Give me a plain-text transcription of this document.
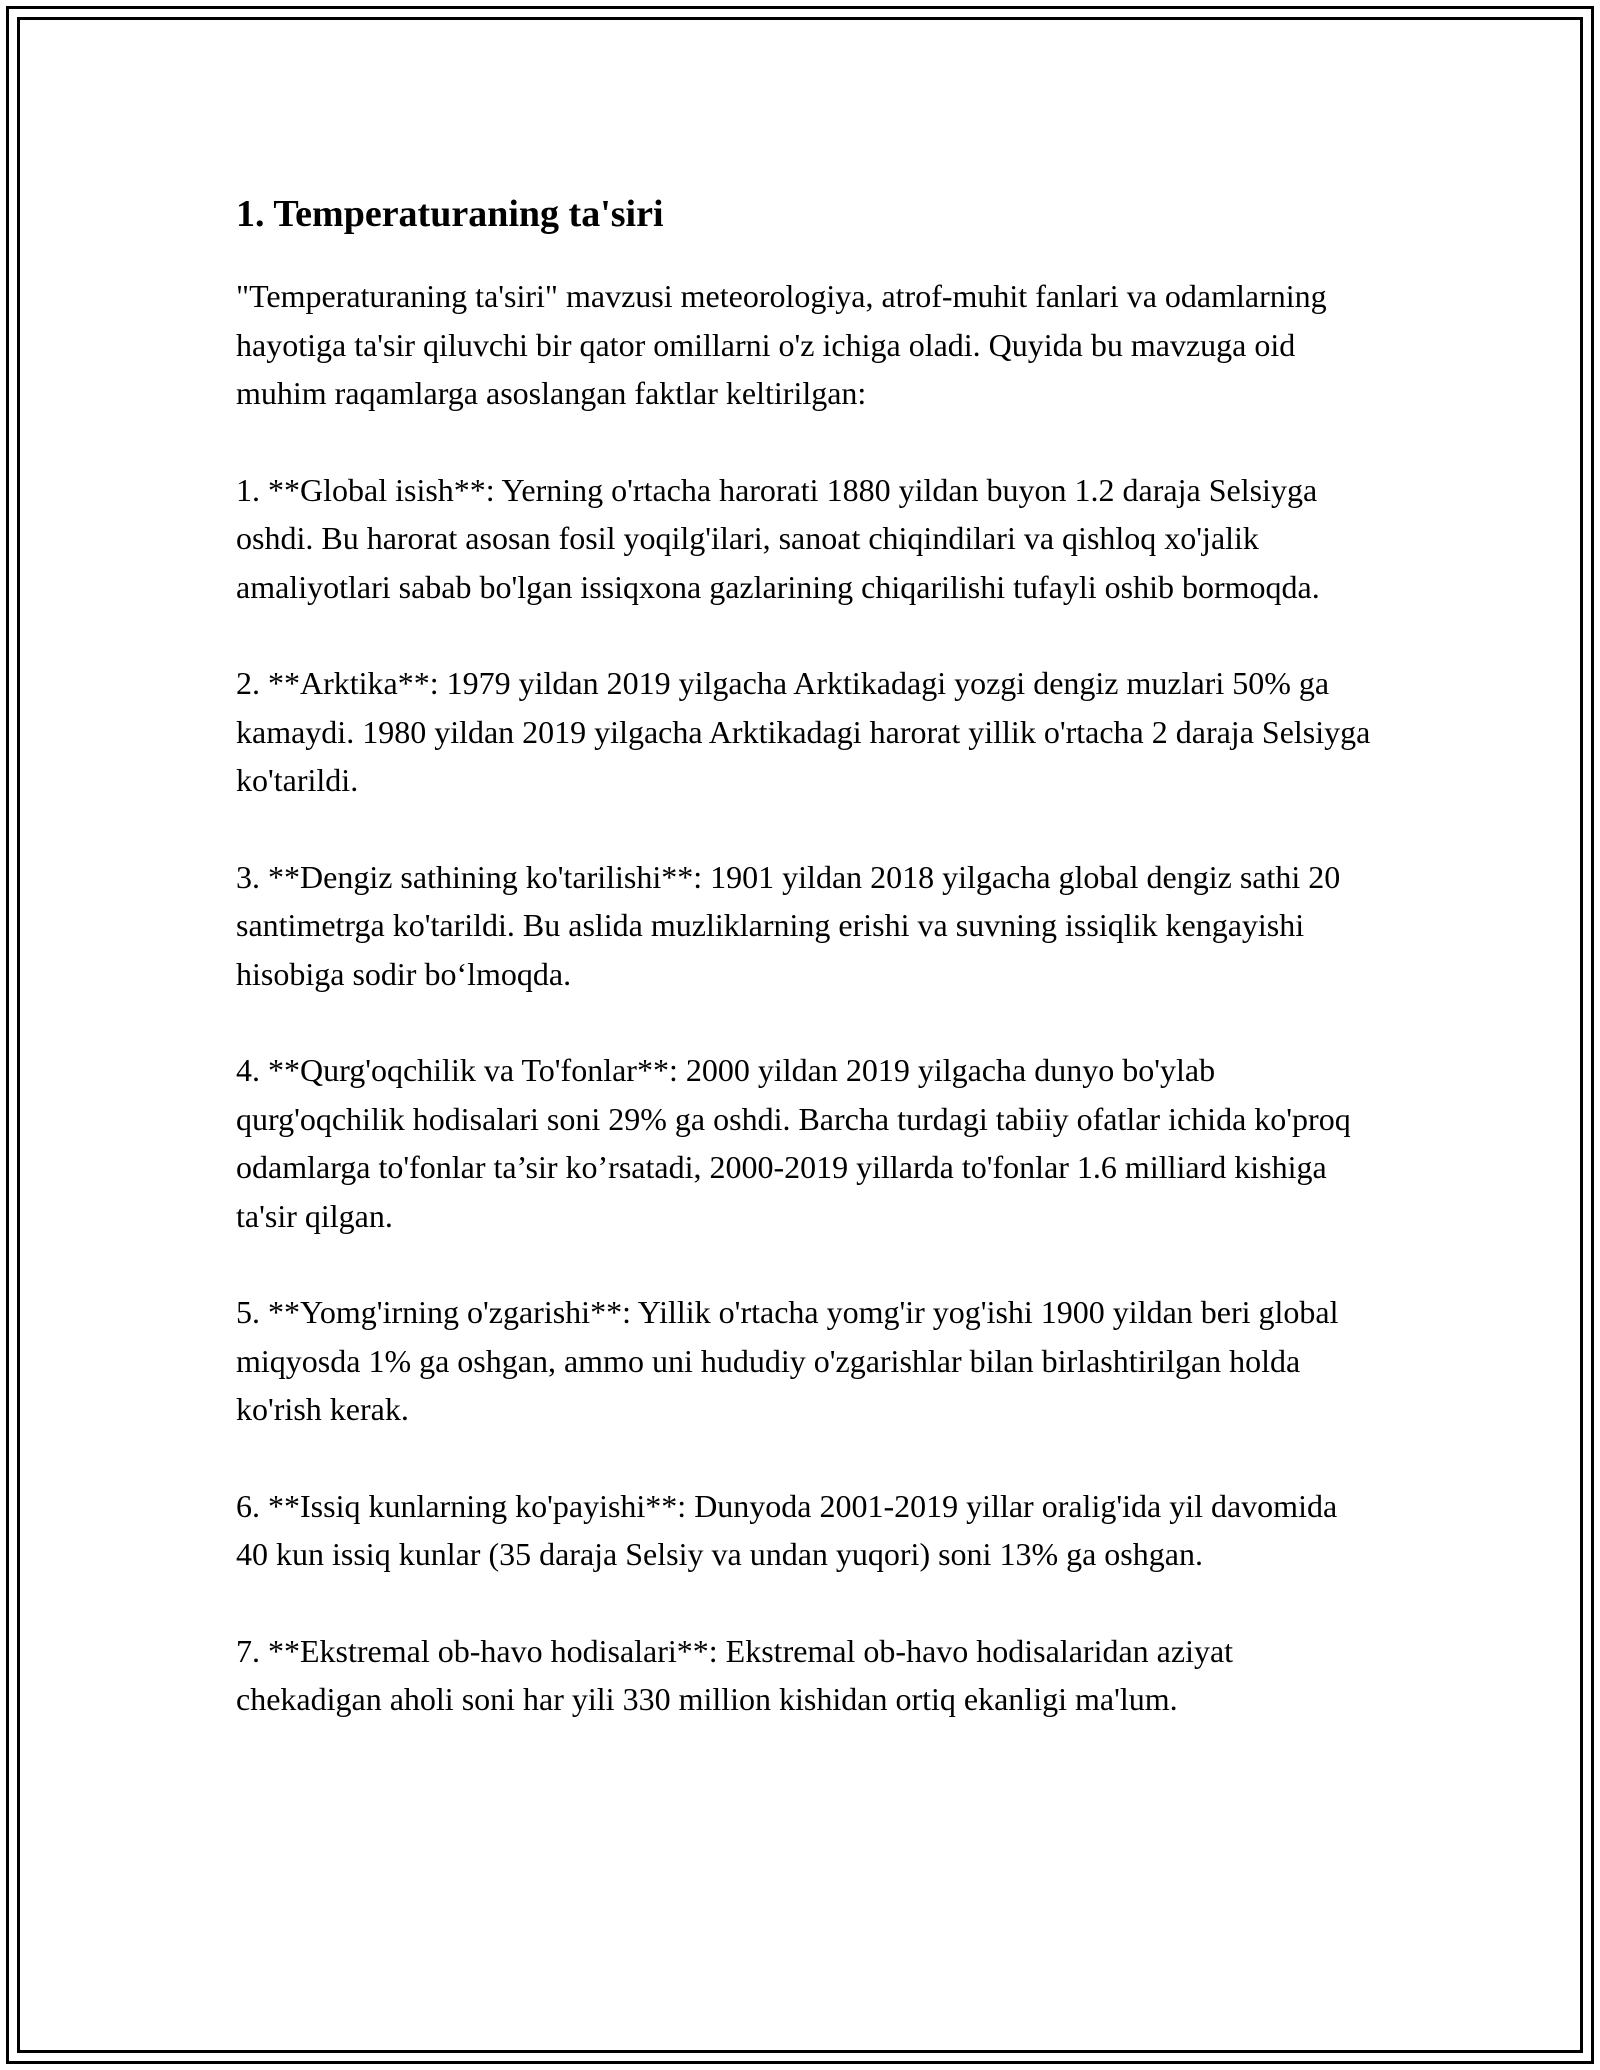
1. Temperaturaning ta'siri

"Temperaturaning ta'siri" mavzusi meteorologiya, atrof-muhit fanlari va odamlarning hayotiga ta'sir qiluvchi bir qator omillarni o'z ichiga oladi. Quyida bu mavzuga oid muhim raqamlarga asoslangan faktlar keltirilgan:

1. **Global isish**: Yerning o'rtacha harorati 1880 yildan buyon 1.2 daraja Selsiyga oshdi. Bu harorat asosan fosil yoqilg'ilari, sanoat chiqindilari va qishloq xo'jalik amaliyotlari sabab bo'lgan issiqxona gazlarining chiqarilishi tufayli oshib bormoqda.

2. **Arktika**: 1979 yildan 2019 yilgacha Arktikadagi yozgi dengiz muzlari 50% ga kamaydi. 1980 yildan 2019 yilgacha Arktikadagi harorat yillik o'rtacha 2 daraja Selsiyga ko'tarildi.

3. **Dengiz sathining ko'tarilishi**: 1901 yildan 2018 yilgacha global dengiz sathi 20 santimetrga ko'tarildi. Bu aslida muzliklarning erishi va suvning issiqlik kengayishi hisobiga sodir bo‘lmoqda.

4. **Qurg'oqchilik va To'fonlar**: 2000 yildan 2019 yilgacha dunyo bo'ylab qurg'oqchilik hodisalari soni 29% ga oshdi. Barcha turdagi tabiiy ofatlar ichida ko'proq odamlarga to'fonlar ta’sir ko’rsatadi, 2000-2019 yillarda to'fonlar 1.6 milliard kishiga ta'sir qilgan.

5. **Yomg'irning o'zgarishi**: Yillik o'rtacha yomg'ir yog'ishi 1900 yildan beri global miqyosda 1% ga oshgan, ammo uni hududiy o'zgarishlar bilan birlashtirilgan holda ko'rish kerak.

6. **Issiq kunlarning ko'payishi**: Dunyoda 2001-2019 yillar oralig'ida yil davomida 40 kun issiq kunlar (35 daraja Selsiy va undan yuqori) soni 13% ga oshgan.

7. **Ekstremal ob-havo hodisalari**: Ekstremal ob-havo hodisalaridan aziyat chekadigan aholi soni har yili 330 million kishidan ortiq ekanligi ma'lum.
